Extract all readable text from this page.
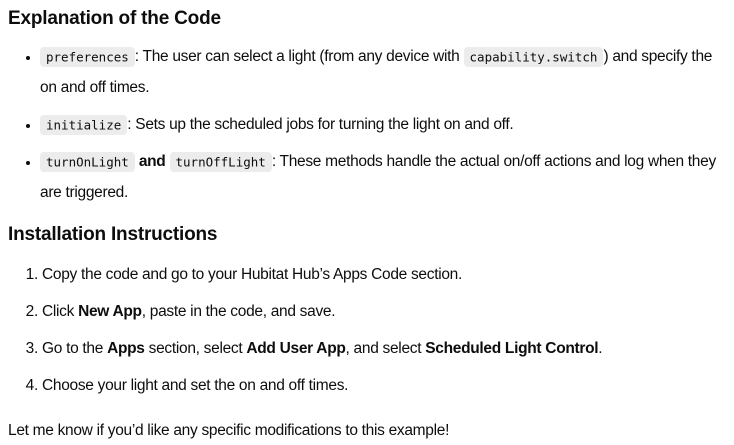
Explanation of the Code
• preferences : The user can select a light (from any device with capability.switch ) and specify the on and off times.
• initialize : Sets up the scheduled jobs for turning the light on and off.
• turnOnLight and turnOffLight : These methods handle the actual on/off actions and log when they are triggered.
Installation Instructions
1. Copy the code and go to your Hubitat Hub’s Apps Code section.
2. Click New App, paste in the code, and save.
3. Go to the Apps section, select Add User App, and select Scheduled Light Control.
4. Choose your light and set the on and off times.

Let me know if you’d like any specific modifications to this example!
